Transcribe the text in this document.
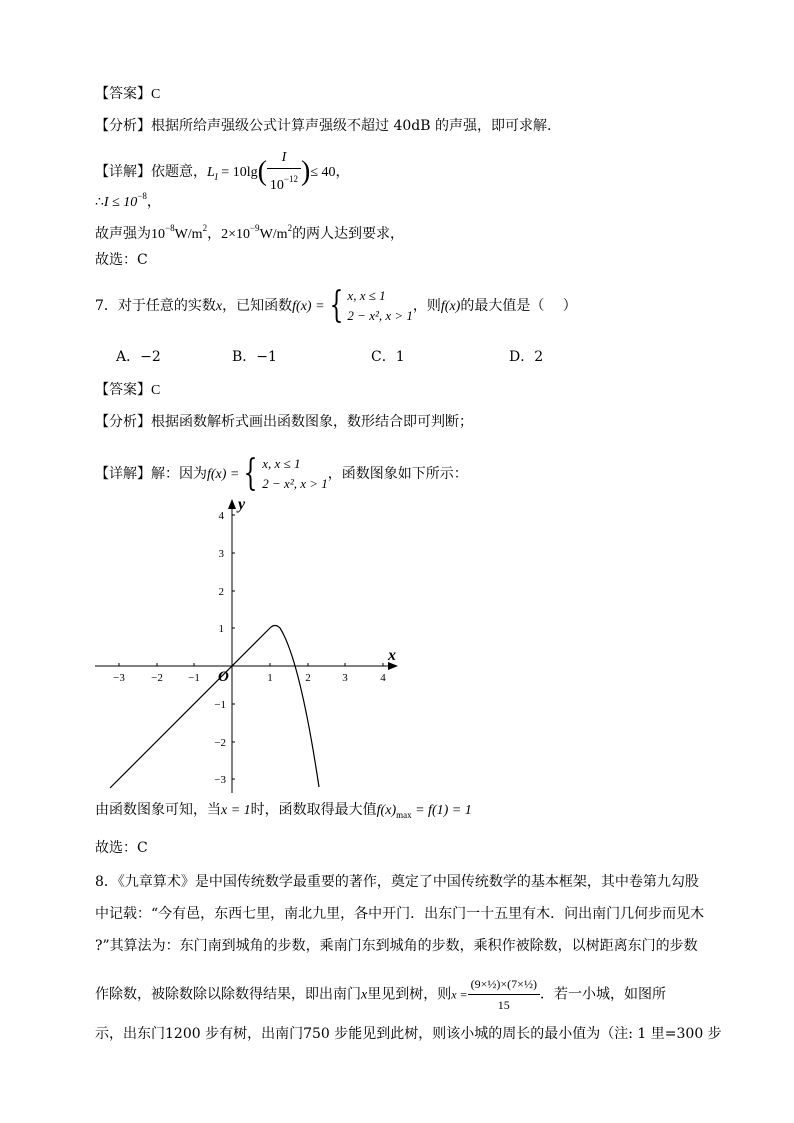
【答案】C
【分析】根据所给声强级公式计算声强级不超过 40dB 的声强，即可求解.
【详解】依题意，$L_I = 10\lg( \frac{I}{10^{-12}}$ )≤ 40，
∴I ≤ $10^{-8}$，
故声强为$10^{-8}W/m^2$，$2\times 10^{-9}W/m^2$的两人达到要求，
故选：C
7．对于任意的实数x，已知函数f(x) = { x, x ≤ 1
2 − x², x > 1
，则f(x)的最大值是（　 ）
A．−2	B．−1	C．1	D．2
【答案】C
【分析】根据函数解析式画出函数图象，数形结合即可判断；
【详解】解：因为f(x) = { x, x ≤ 1
2 − x², x > 1
，函数图象如下所示：
−3 −2 −1	1	2	3	4
4
3
2
1
−1
−2
−3
x
y
O
由函数图象可知，当x = 1时，函数取得最大值$f(x)_{max} = f(1) = 1$
故选：C
8．《九章算术》是中国传统数学最重要的著作，奠定了中国传统数学的基本框架，其中卷第九勾股
中记载：“今有邑，东西七里，南北九里，各中开门．出东门一十五里有木．问出南门几何步而见木
?”其算法为：东门南到城角的步数，乘南门东到城角的步数，乘积作被除数，以树距离东门的步数
作除数，被除数除以除数得结果，即出南门x里见到树，则$x = \frac{\text{(9×½)×(7×½)}}{15}$ ．若一小城，如图所
示，出东门1200 步有树，出南门750 步能见到此树，则该小城的周长的最小值为（注: 1 里=300 步
